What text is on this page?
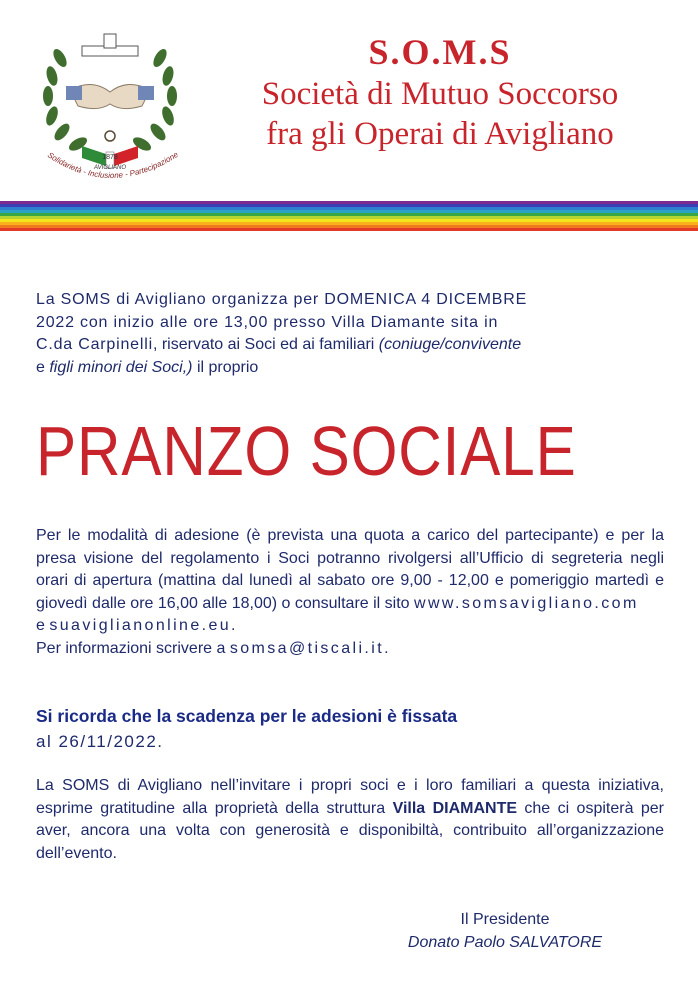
1878
AVIGLIANO
Solidarietà - Inclusione - Partecipazione
S.O.M.S
Società di Mutuo Soccorso
fra gli Operai di Avigliano
La SOMS di Avigliano organizza per DOMENICA 4 DICEMBRE
2022 con inizio alle ore 13,00 presso Villa Diamante sita in
C.da Carpinelli, riservato ai Soci ed ai familiari (coniuge/convivente
e figli minori dei Soci,) il proprio
PRANZO SOCIALE
Per le modalità di adesione (è prevista una quota a carico del partecipante) e per la presa visione del regolamento i Soci potranno rivolgersi all’Ufficio di segreteria negli orari di apertura (mattina dal lunedì al sabato ore 9,00 - 12,00 e pomeriggio martedì e giovedì dalle ore 16,00 alle 18,00) o consultare il sito www.somsavigliano.com
e suaviglianonline.eu.
Per informazioni scrivere a somsa@tiscali.it.
Si ricorda che la scadenza per le adesioni è fissata
al 26/11/2022.
La SOMS di Avigliano nell’invitare i propri soci e i loro familiari a questa iniziativa, esprime gratitudine alla proprietà della struttura Villa DIAMANTE che ci ospiterà per aver, ancora una volta con generosità e disponibiltà, contribuito all’organizzazione dell’evento.
Il Presidente
Donato Paolo SALVATORE
